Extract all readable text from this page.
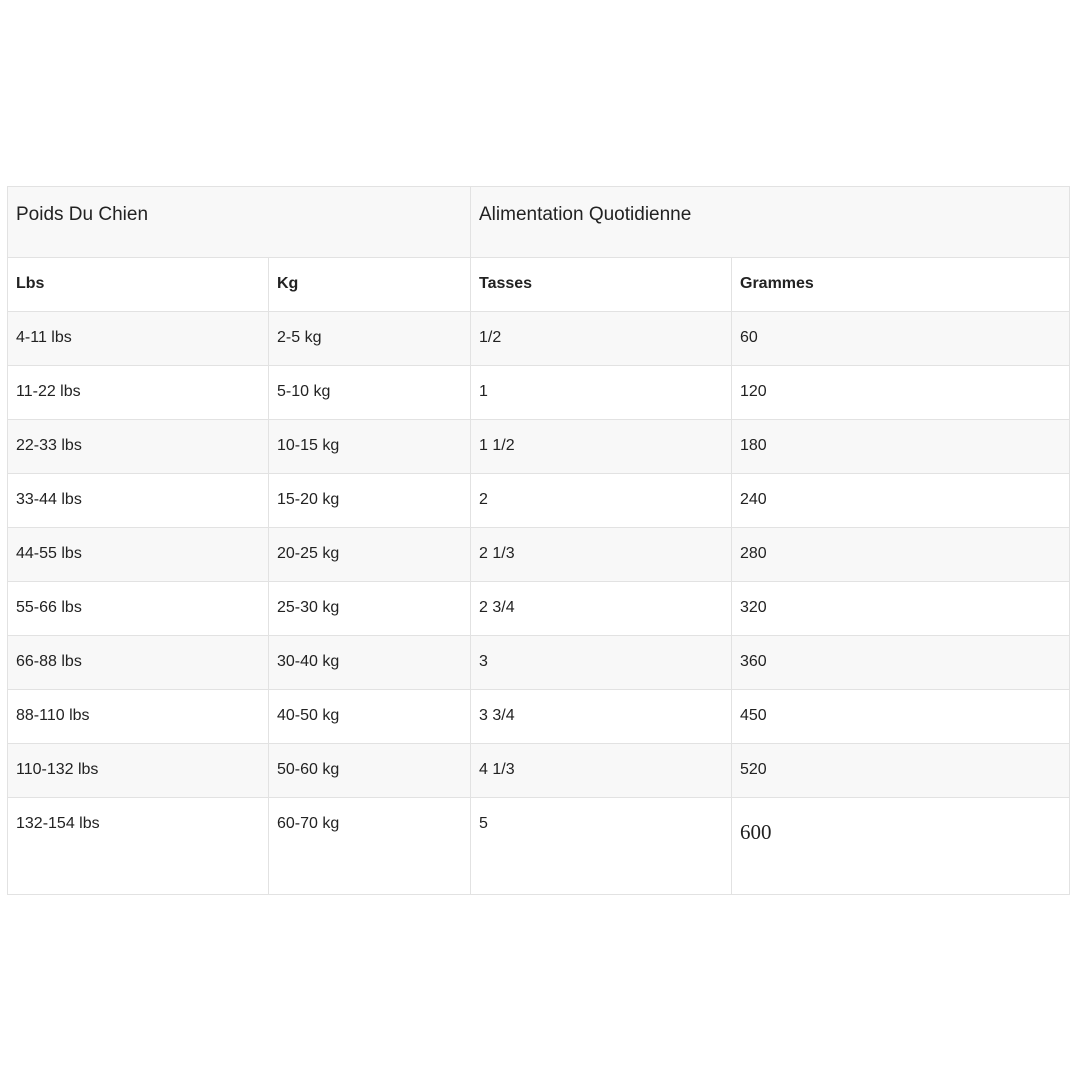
Poids Du Chien		Alimentation Quotidienne	
Lbs	Kg	Tasses	Grammes
4-11 lbs	2-5 kg	1/2	60
11-22 lbs	5-10 kg	1	120
22-33 lbs	10-15 kg	1 1/2	180
33-44 lbs	15-20 kg	2	240
44-55 lbs	20-25 kg	2 1/3	280
55-66 lbs	25-30 kg	2 3/4	320
66-88 lbs	30-40 kg	3	360
88-110 lbs	40-50 kg	3 3/4	450
110-132 lbs	50-60 kg	4 1/3	520
132-154 lbs	60-70 kg	5	600
